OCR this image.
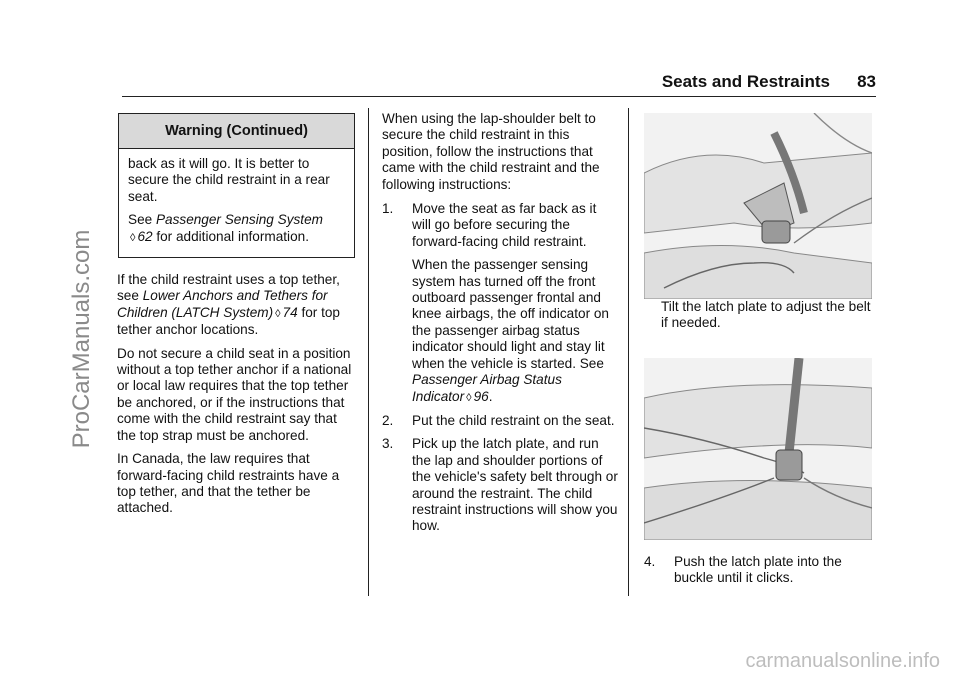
ProCarManuals.com
Seats and Restraints 83
Warning (Continued)

back as it will go. It is better to secure the child restraint in a rear seat.

See Passenger Sensing System
◊ 62 for additional information.

If the child restraint uses a top tether, see Lower Anchors and Tethers for Children (LATCH System) ◊ 74 for top tether anchor locations.

Do not secure a child seat in a position without a top tether anchor if a national or local law requires that the top tether be anchored, or if the instructions that come with the child restraint say that the top strap must be anchored.

In Canada, the law requires that forward-facing child restraints have a top tether, and that the tether be attached.

When using the lap-shoulder belt to secure the child restraint in this position, follow the instructions that came with the child restraint and the following instructions:

1. Move the seat as far back as it will go before securing the forward-facing child restraint.

When the passenger sensing system has turned off the front outboard passenger frontal and knee airbags, the off indicator on the passenger airbag status indicator should light and stay lit when the vehicle is started. See Passenger Airbag Status Indicator ◊ 96.

2. Put the child restraint on the seat.

3. Pick up the latch plate, and run the lap and shoulder portions of the vehicle's safety belt through or around the restraint. The child restraint instructions will show you how.

Tilt the latch plate to adjust the belt if needed.

4. Push the latch plate into the buckle until it clicks.
carmanualsonline.info
